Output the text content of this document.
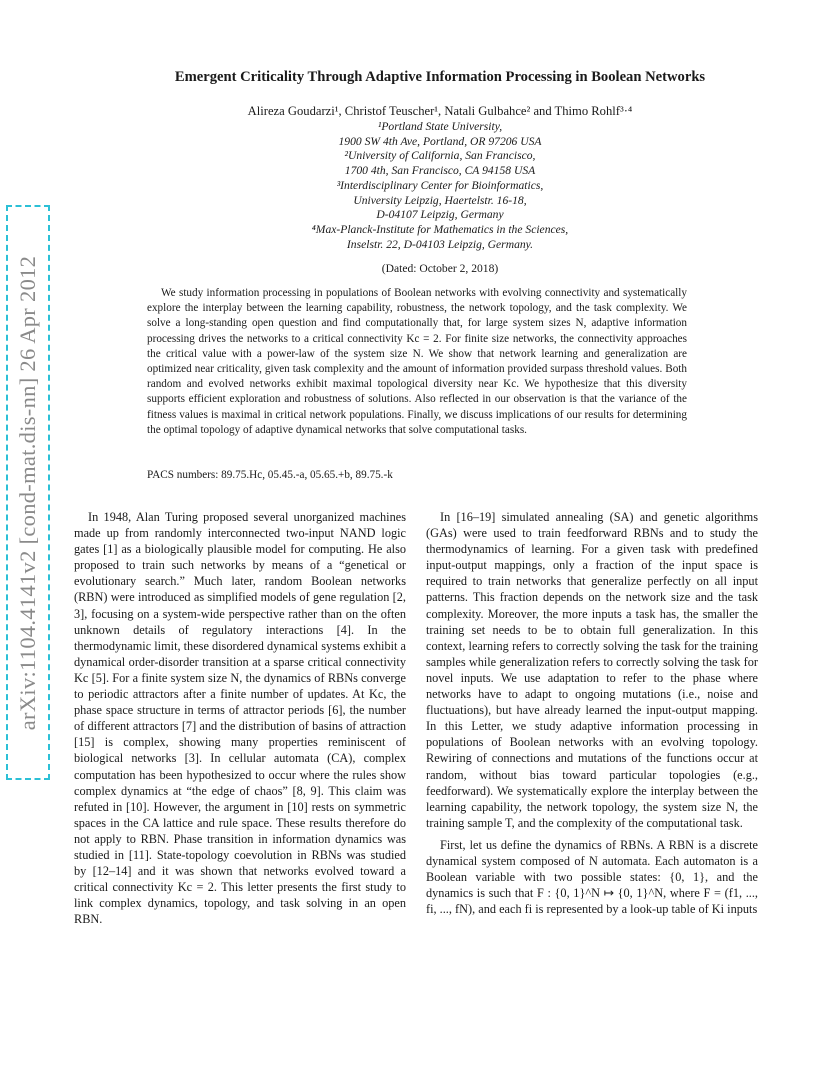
arXiv:1104.4141v2 [cond-mat.dis-nn] 26 Apr 2012
Emergent Criticality Through Adaptive Information Processing in Boolean Networks
Alireza Goudarzi¹, Christof Teuscher¹, Natali Gulbahce² and Thimo Rohlf³·⁴
¹Portland State University,
1900 SW 4th Ave, Portland, OR 97206 USA
²University of California, San Francisco,
1700 4th, San Francisco, CA 94158 USA
³Interdisciplinary Center for Bioinformatics,
University Leipzig, Haertelstr. 16-18,
D-04107 Leipzig, Germany
⁴Max-Planck-Institute for Mathematics in the Sciences,
Inselstr. 22, D-04103 Leipzig, Germany.
(Dated: October 2, 2018)
We study information processing in populations of Boolean networks with evolving connectivity and systematically explore the interplay between the learning capability, robustness, the network topology, and the task complexity. We solve a long-standing open question and find computationally that, for large system sizes N, adaptive information processing drives the networks to a critical connectivity Kc = 2. For finite size networks, the connectivity approaches the critical value with a power-law of the system size N. We show that network learning and generalization are optimized near criticality, given task complexity and the amount of information provided surpass threshold values. Both random and evolved networks exhibit maximal topological diversity near Kc. We hypothesize that this diversity supports efficient exploration and robustness of solutions. Also reflected in our observation is that the variance of the fitness values is maximal in critical network populations. Finally, we discuss implications of our results for determining the optimal topology of adaptive dynamical networks that solve computational tasks.
PACS numbers: 89.75.Hc, 05.45.-a, 05.65.+b, 89.75.-k

In 1948, Alan Turing proposed several unorganized machines made up from randomly interconnected two-input NAND logic gates [1] as a biologically plausible model for computing. He also proposed to train such networks by means of a “genetical or evolutionary search.” Much later, random Boolean networks (RBN) were introduced as simplified models of gene regulation [2, 3], focusing on a system-wide perspective rather than on the often unknown details of regulatory interactions [4]. In the thermodynamic limit, these disordered dynamical systems exhibit a dynamical order-disorder transition at a sparse critical connectivity Kc [5]. For a finite system size N, the dynamics of RBNs converge to periodic attractors after a finite number of updates. At Kc, the phase space structure in terms of attractor periods [6], the number of different attractors [7] and the distribution of basins of attraction [15] is complex, showing many properties reminiscent of biological networks [3]. In cellular automata (CA), complex computation has been hypothesized to occur where the rules show complex dynamics at “the edge of chaos” [8, 9]. This claim was refuted in [10]. However, the argument in [10] rests on symmetric spaces in the CA lattice and rule space. These results therefore do not apply to RBN. Phase transition in information dynamics was studied in [11]. State-topology coevolution in RBNs was studied by [12–14] and it was shown that networks evolved toward a critical connectivity Kc = 2. This letter presents the first study to link complex dynamics, topology, and task solving in an open RBN.

In [16–19] simulated annealing (SA) and genetic algorithms (GAs) were used to train feedforward RBNs and to study the thermodynamics of learning. For a given task with predefined input-output mappings, only a fraction of the input space is required to train networks that generalize perfectly on all input patterns. This fraction depends on the network size and the task complexity. Moreover, the more inputs a task has, the smaller the training set needs to be to obtain full generalization. In this context, learning refers to correctly solving the task for the training samples while generalization refers to correctly solving the task for novel inputs. We use adaptation to refer to the phase where networks have to adapt to ongoing mutations (i.e., noise and fluctuations), but have already learned the input-output mapping. In this Letter, we study adaptive information processing in populations of Boolean networks with an evolving topology. Rewiring of connections and mutations of the functions occur at random, without bias toward particular topologies (e.g., feedforward). We systematically explore the interplay between the learning capability, the network topology, the system size N, the training sample T, and the complexity of the computational task.

First, let us define the dynamics of RBNs. A RBN is a discrete dynamical system composed of N automata. Each automaton is a Boolean variable with two possible states: {0, 1}, and the dynamics is such that F : {0, 1}^N ↦ {0, 1}^N, where F = (f1, ..., fi, ..., fN), and each fi is represented by a look-up table of Ki inputs
